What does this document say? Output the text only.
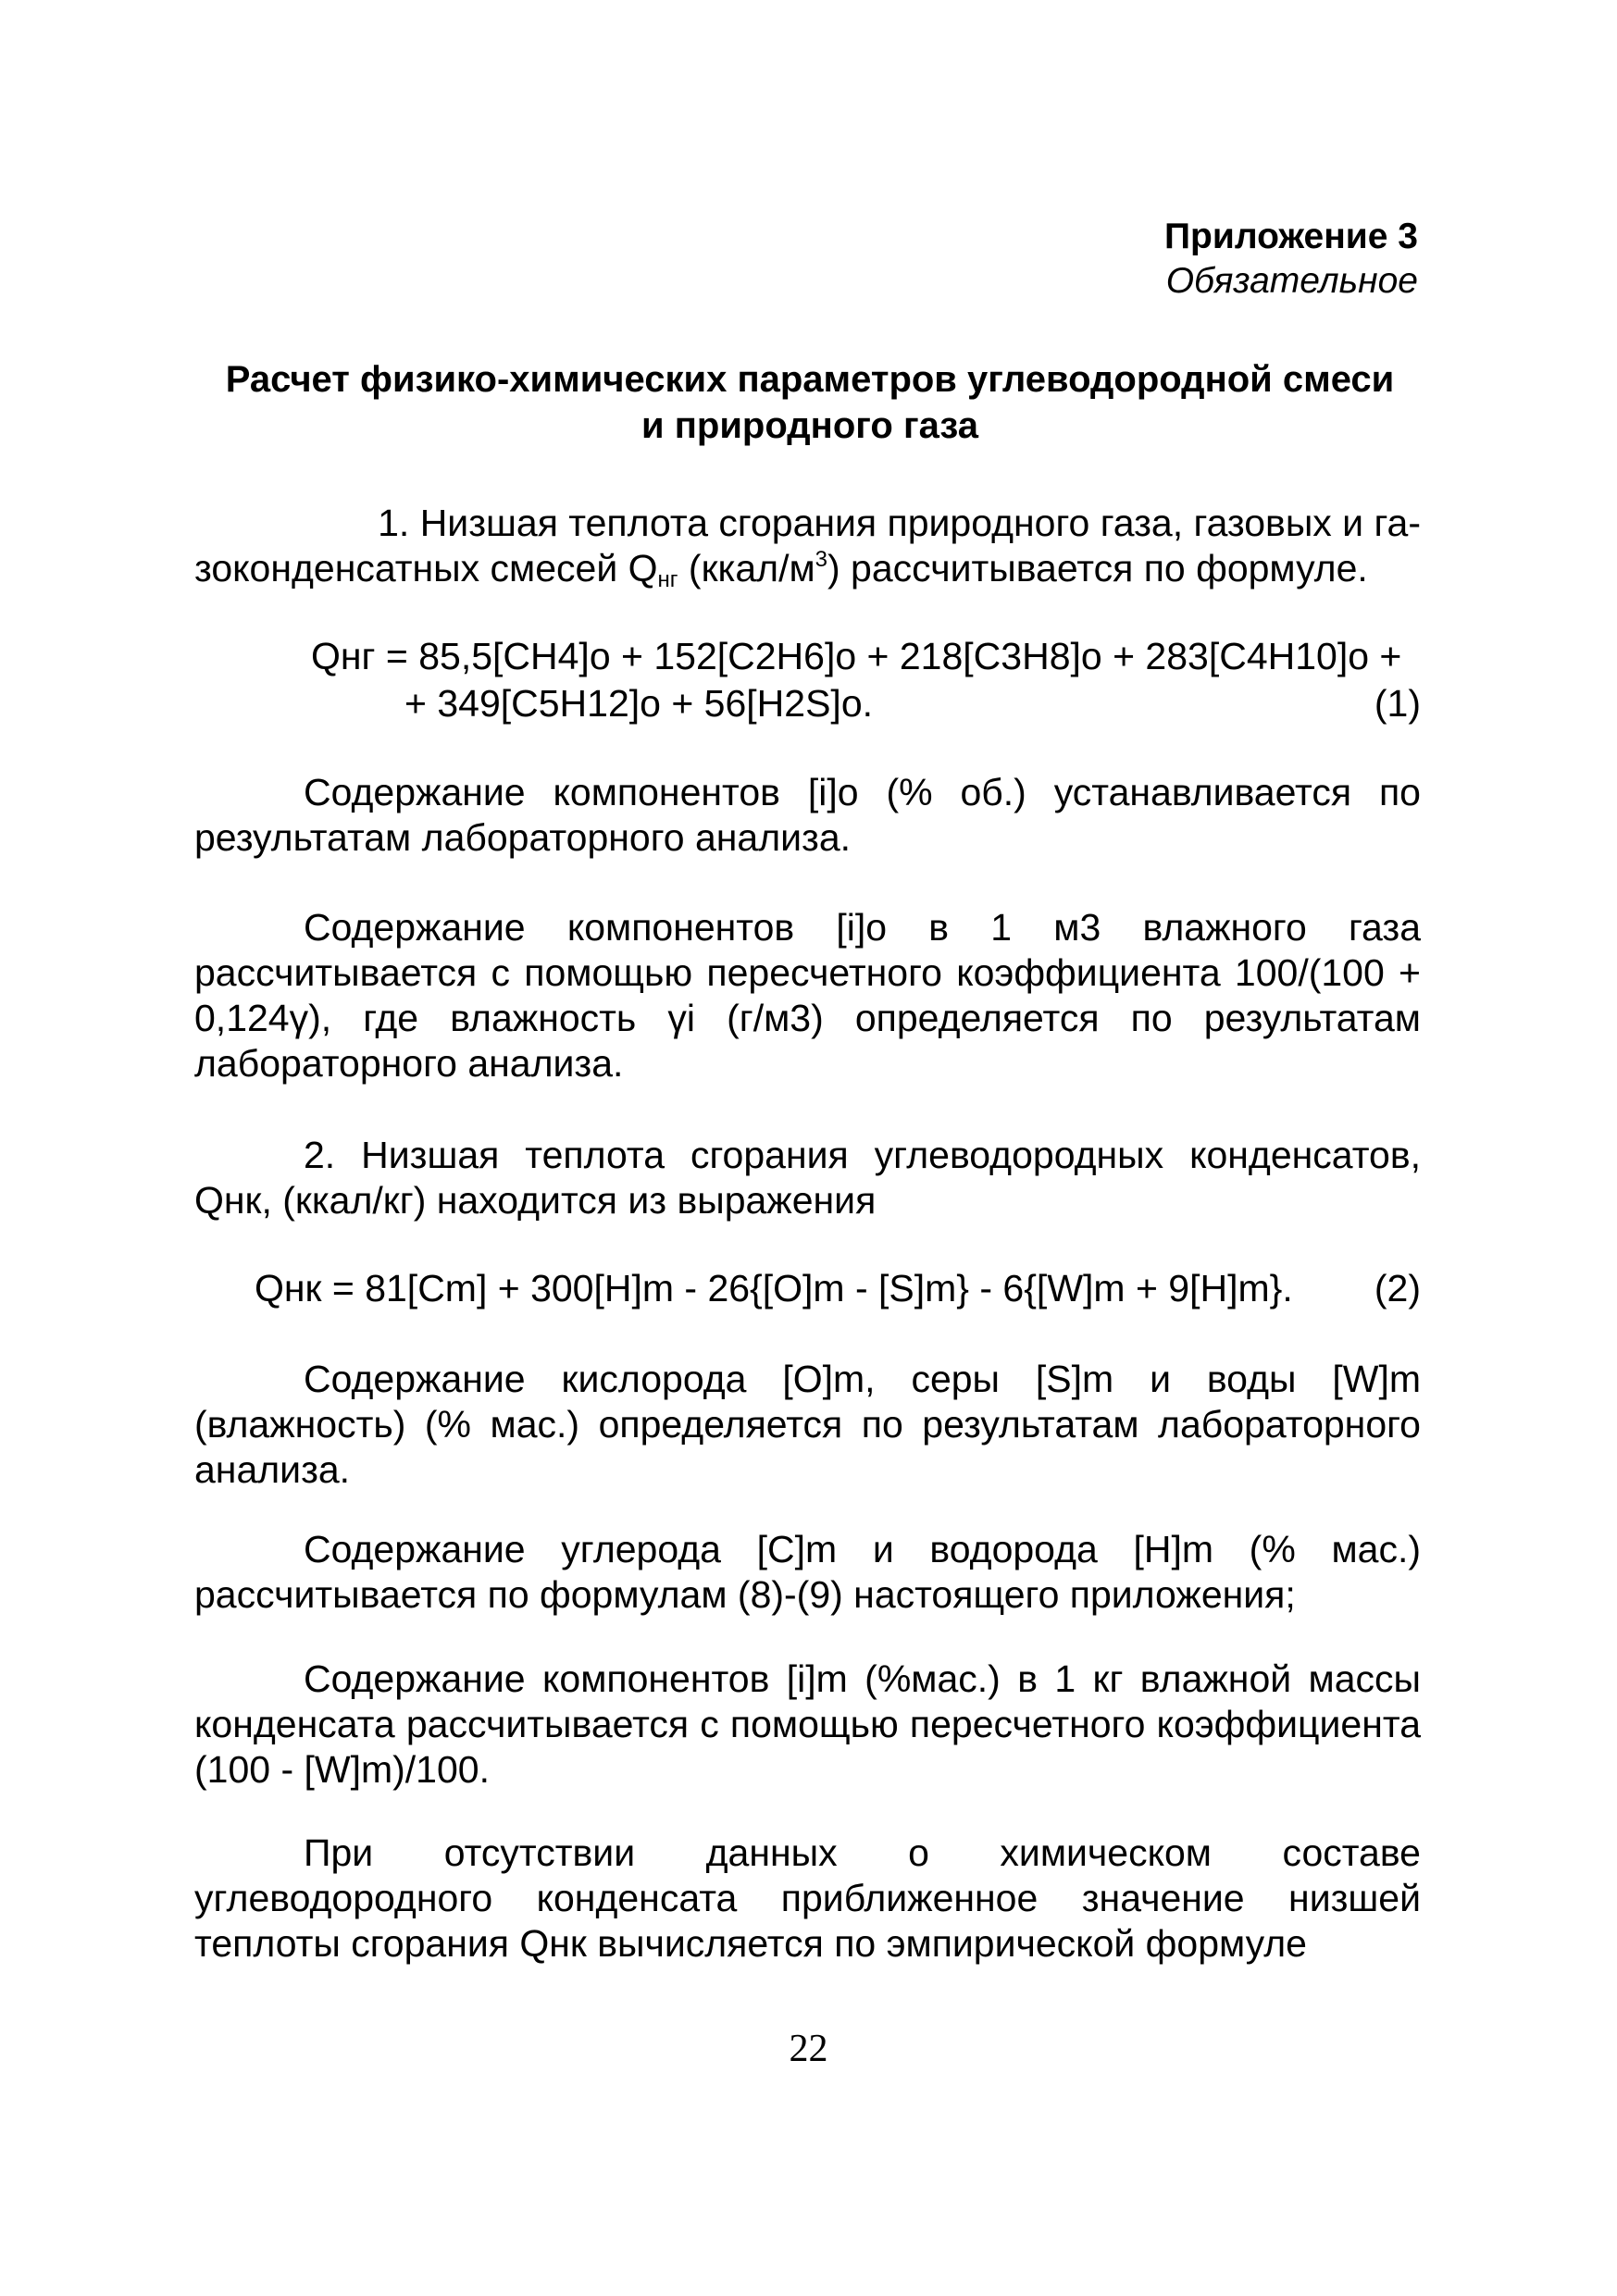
Приложение 3
Обязательное
Расчет физико-химических параметров углеводородной смеси
и природного газа
1. Низшая теплота сгорания природного газа, газовых и га-
зоконденсатных смесей $Q_{нг}$ $(ккал/м^3)$ рассчитывается по формуле.
Qнг = 85,5[CH4]o + 152[C2H6]o + 218[C3H8]o + 283[C4H10]o +
+ 349[C5H12]o + 56[H2S]o.	(1)

Содержание компонентов [i]o (% об.) устанавливается по результатам лабораторного анализа.

Содержание компонентов [i]o в 1 м3 влажного газа рассчитывается с помощью пересчетного коэффициента 100/(100 + 0,124γ), где влажность γi (г/м3) определяется по результатам лабораторного анализа.

2. Низшая теплота сгорания углеводородных конденсатов, Qнк, (ккал/кг) находится из выражения

Qнк = 81[Cm] + 300[H]m - 26{[O]m - [S]m} - 6{[W]m + 9[H]m}. (2)

Содержание кислорода [O]m, серы [S]m и воды [W]m (влажность) (% мас.) определяется по результатам лабораторного анализа.

Содержание углерода [C]m и водорода [H]m (% мас.) рассчитывается по формулам (8)-(9) настоящего приложения;

Содержание компонентов [i]m (%мас.) в 1 кг влажной массы конденсата рассчитывается с помощью пересчетного коэффициента (100 - [W]m)/100.

При отсутствии данных о химическом составе углеводородного конденсата приближенное значение низшей теплоты сгорания Qнк вычисляется по эмпирической формуле

22
